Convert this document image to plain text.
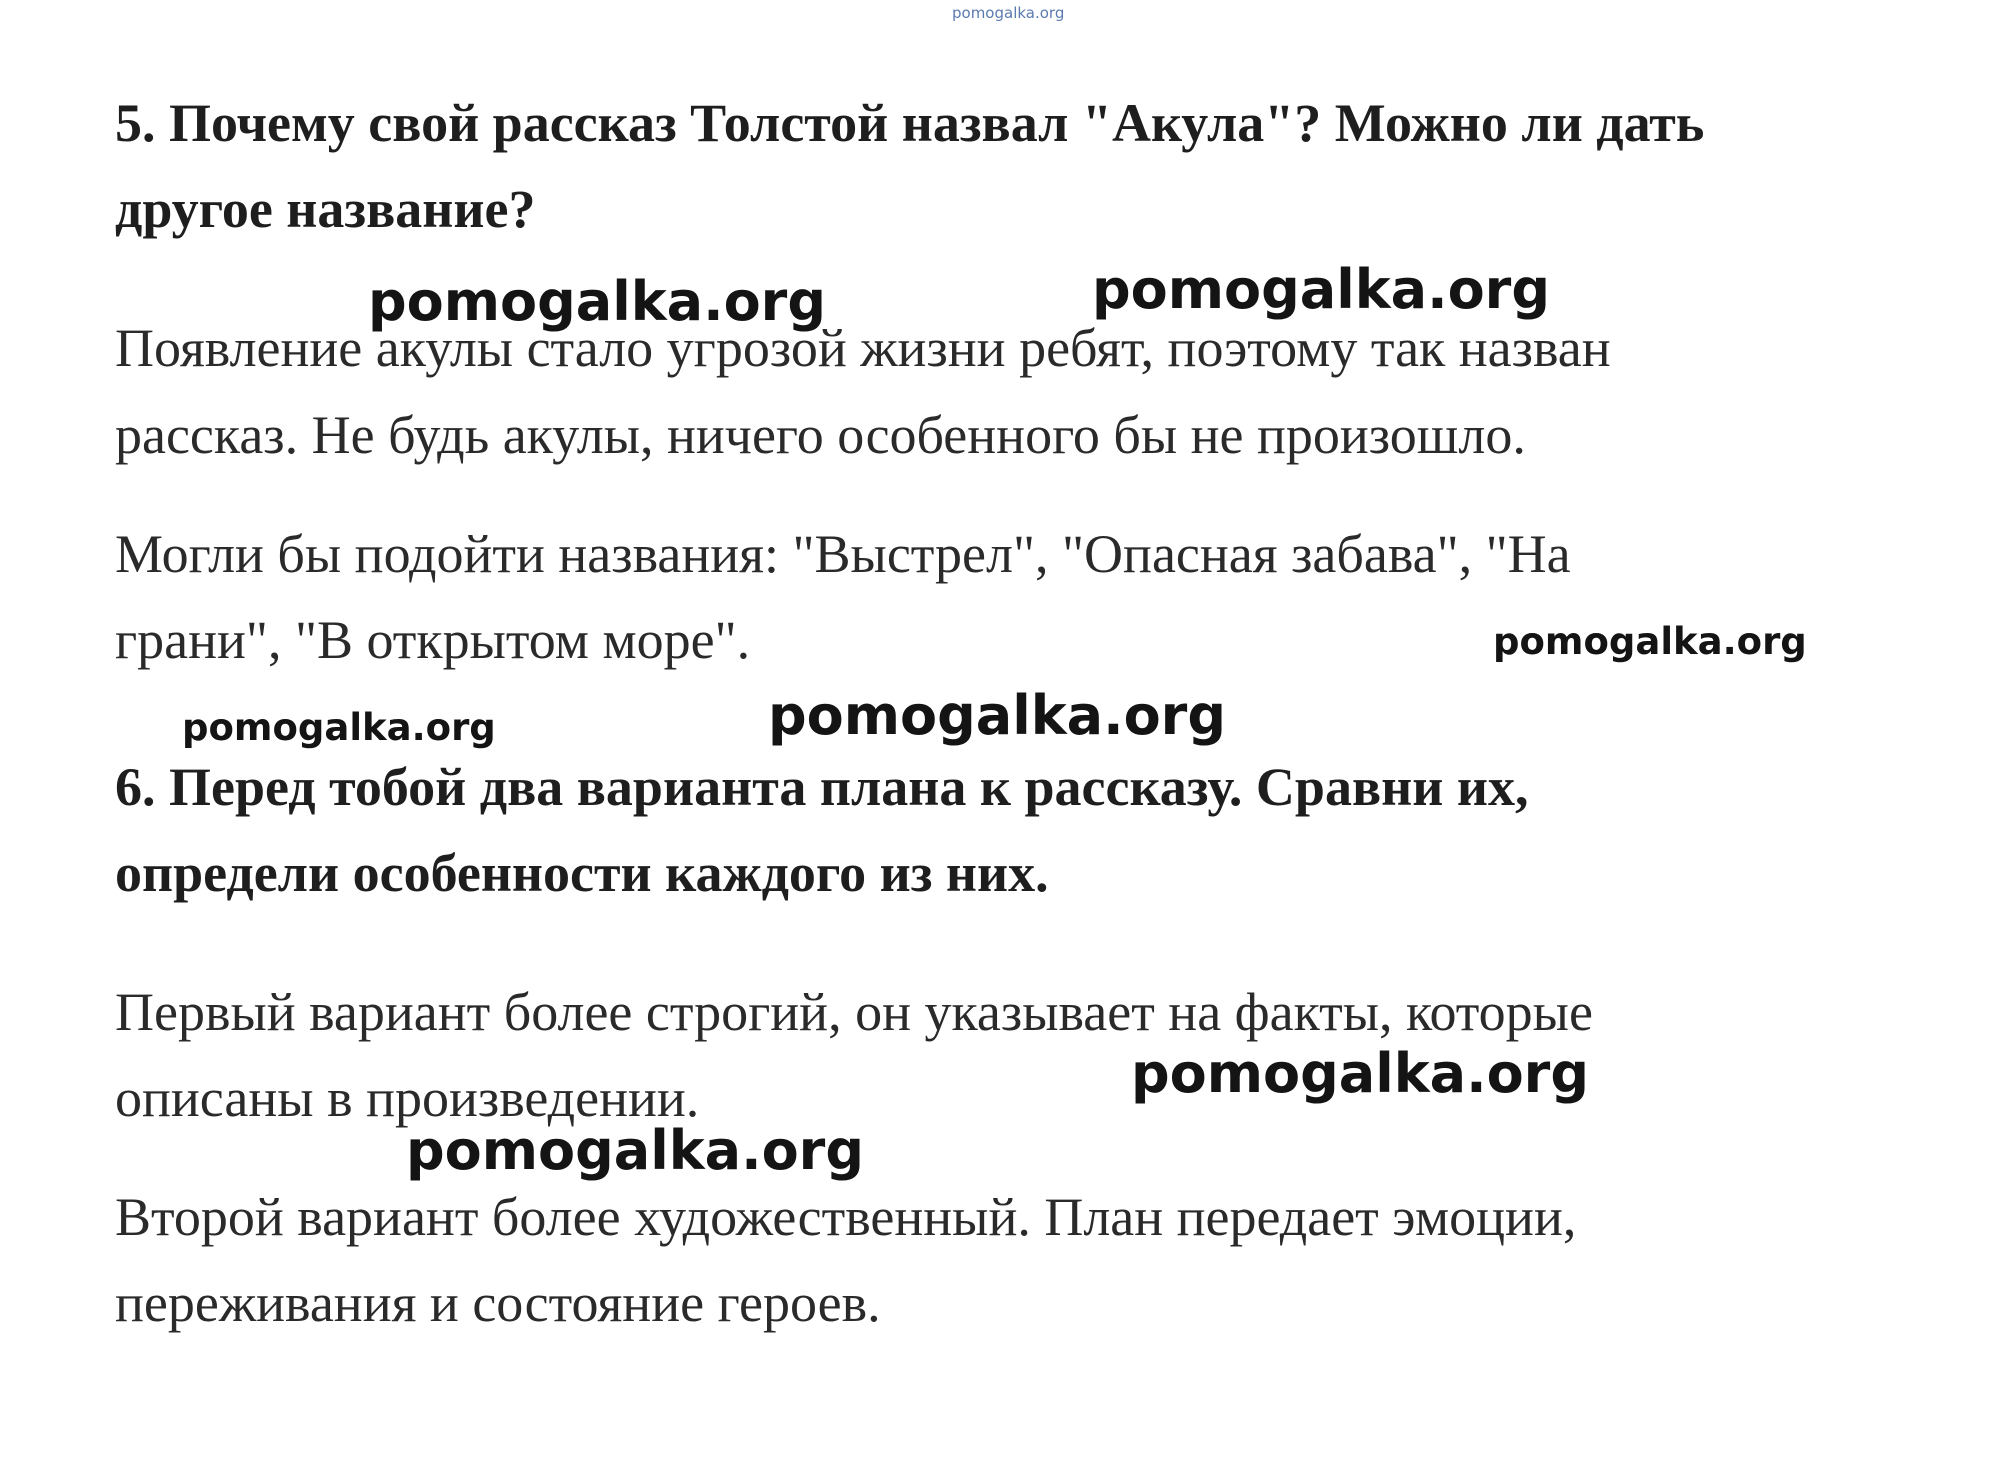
pomogalka.org

5. Почему свой рассказ Толстой назвал "Акула"? Можно ли дать

другое название?

Появление акулы стало угрозой жизни ребят, поэтому так назван

рассказ. Не будь акулы, ничего особенного бы не произошло.

Могли бы подойти названия: "Выстрел", "Опасная забава", "На

грани", "В открытом море".

6. Перед тобой два варианта плана к рассказу. Сравни их,

определи особенности каждого из них.

Первый вариант более строгий, он указывает на факты, которые

описаны в произведении.

Второй вариант более художественный. План передает эмоции,

переживания и состояние героев.

pomogalka.org	pomogalka.org

pomogalka.org

pomogalka.org	pomogalka.org

pomogalka.org

pomogalka.org
